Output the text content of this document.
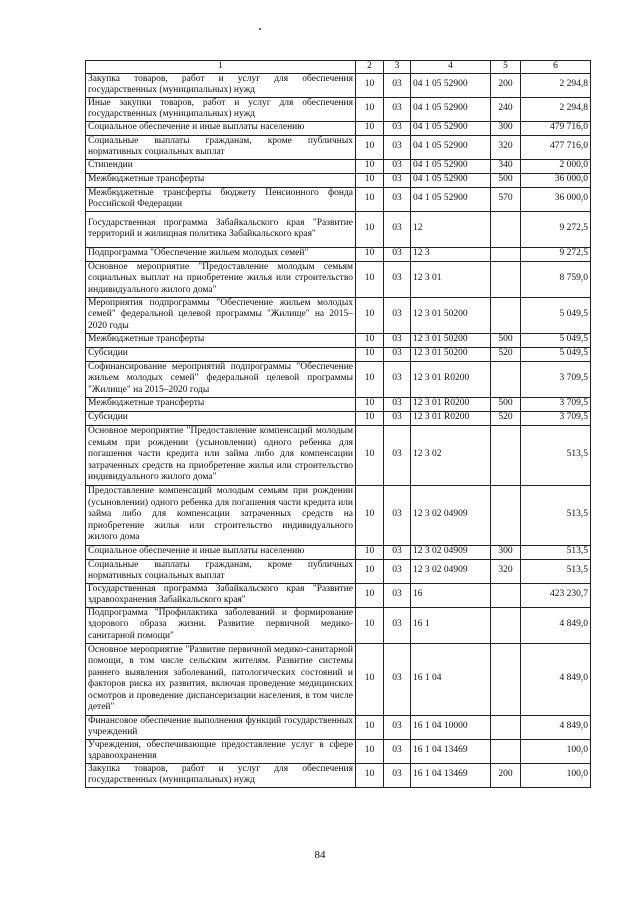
1	2	3	4	5	6
Закупка товаров, работ и услуг для обеспечения государственных (муниципальных) нужд	10	03	04 1 05 52900	200	2 294,8
Иные закупки товаров, работ и услуг для обеспечения государственных (муниципальных) нужд	10	03	04 1 05 52900	240	2 294,8
Социальное обеспечение и иные выплаты населению	10	03	04 1 05 52900	300	479 716,0
Социальные выплаты гражданам, кроме публичных нормативных социальных выплат	10	03	04 1 05 52900	320	477 716,0
Стипендии	10	03	04 1 05 52900	340	2 000,0
Межбюджетные трансферты	10	03	04 1 05 52900	500	36 000,0
Межбюджетные трансферты бюджету Пенсионного фонда Российской Федерации	10	03	04 1 05 52900	570	36 000,0
Государственная программа Забайкальского края "Развитие территорий и жилищная политика Забайкальского края"	10	03	12		9 272,5
Подпрограмма "Обеспечение жильем молодых семей"	10	03	12 3		9 272,5
Основное мероприятие "Предоставление молодым семьям социальных выплат на приобретение жилья или строительство индивидуального жилого дома"	10	03	12 3 01		8 759,0
Мероприятия подпрограммы "Обеспечение жильем молодых семей" федеральной целевой программы "Жилище" на 2015–2020 годы	10	03	12 3 01 50200		5 049,5
Межбюджетные трансферты	10	03	12 3 01 50200	500	5 049,5
Субсидии	10	03	12 3 01 50200	520	5 049,5
Софинансирование мероприятий подпрограммы "Обеспечение жильем молодых семей" федеральной целевой программы "Жилище" на 2015–2020 годы	10	03	12 3 01 R0200		3 709,5
Межбюджетные трансферты	10	03	12 3 01 R0200	500	3 709,5
Субсидии	10	03	12 3 01 R0200	520	3 709,5
Основное мероприятие "Предоставление компенсаций молодым семьям при рождении (усыновлении) одного ребенка для погашения части кредита или займа либо для компенсации затраченных средств на приобретение жилья или строительство индивидуального жилого дома"	10	03	12 3 02		513,5
Предоставление компенсаций молодым семьям при рождении (усыновлении) одного ребенка для погашения части кредита или займа либо для компенсации затраченных средств на приобретение жилья или строительство индивидуального жилого дома	10	03	12 3 02 04909		513,5
Социальное обеспечение и иные выплаты населению	10	03	12 3 02 04909	300	513,5
Социальные выплаты гражданам, кроме публичных нормативных социальных выплат	10	03	12 3 02 04909	320	513,5
Государственная программа Забайкальского края "Развитие здравоохранения Забайкальского края"	10	03	16		423 230,7
Подпрограмма "Профилактика заболеваний и формирование здорового образа жизни. Развитие первичной медико-санитарной помощи"	10	03	16 1		4 849,0
Основное мероприятие "Развитие первичной медико-санитарной помощи, в том числе сельским жителям. Развитие системы раннего выявления заболеваний, патологических состояний и факторов риска их развития, включая проведение медицинских осмотров и проведение диспансеризации населения, в том числе детей"	10	03	16 1 04		4 849,0
Финансовое обеспечение выполнения функций государственных учреждений	10	03	16 1 04 10000		4 849,0
Учреждения, обеспечивающие предоставление услуг в сфере здравоохранения	10	03	16 1 04 13469		100,0
Закупка товаров, работ и услуг для обеспечения государственных (муниципальных) нужд	10	03	16 1 04 13469	200	100,0
84
